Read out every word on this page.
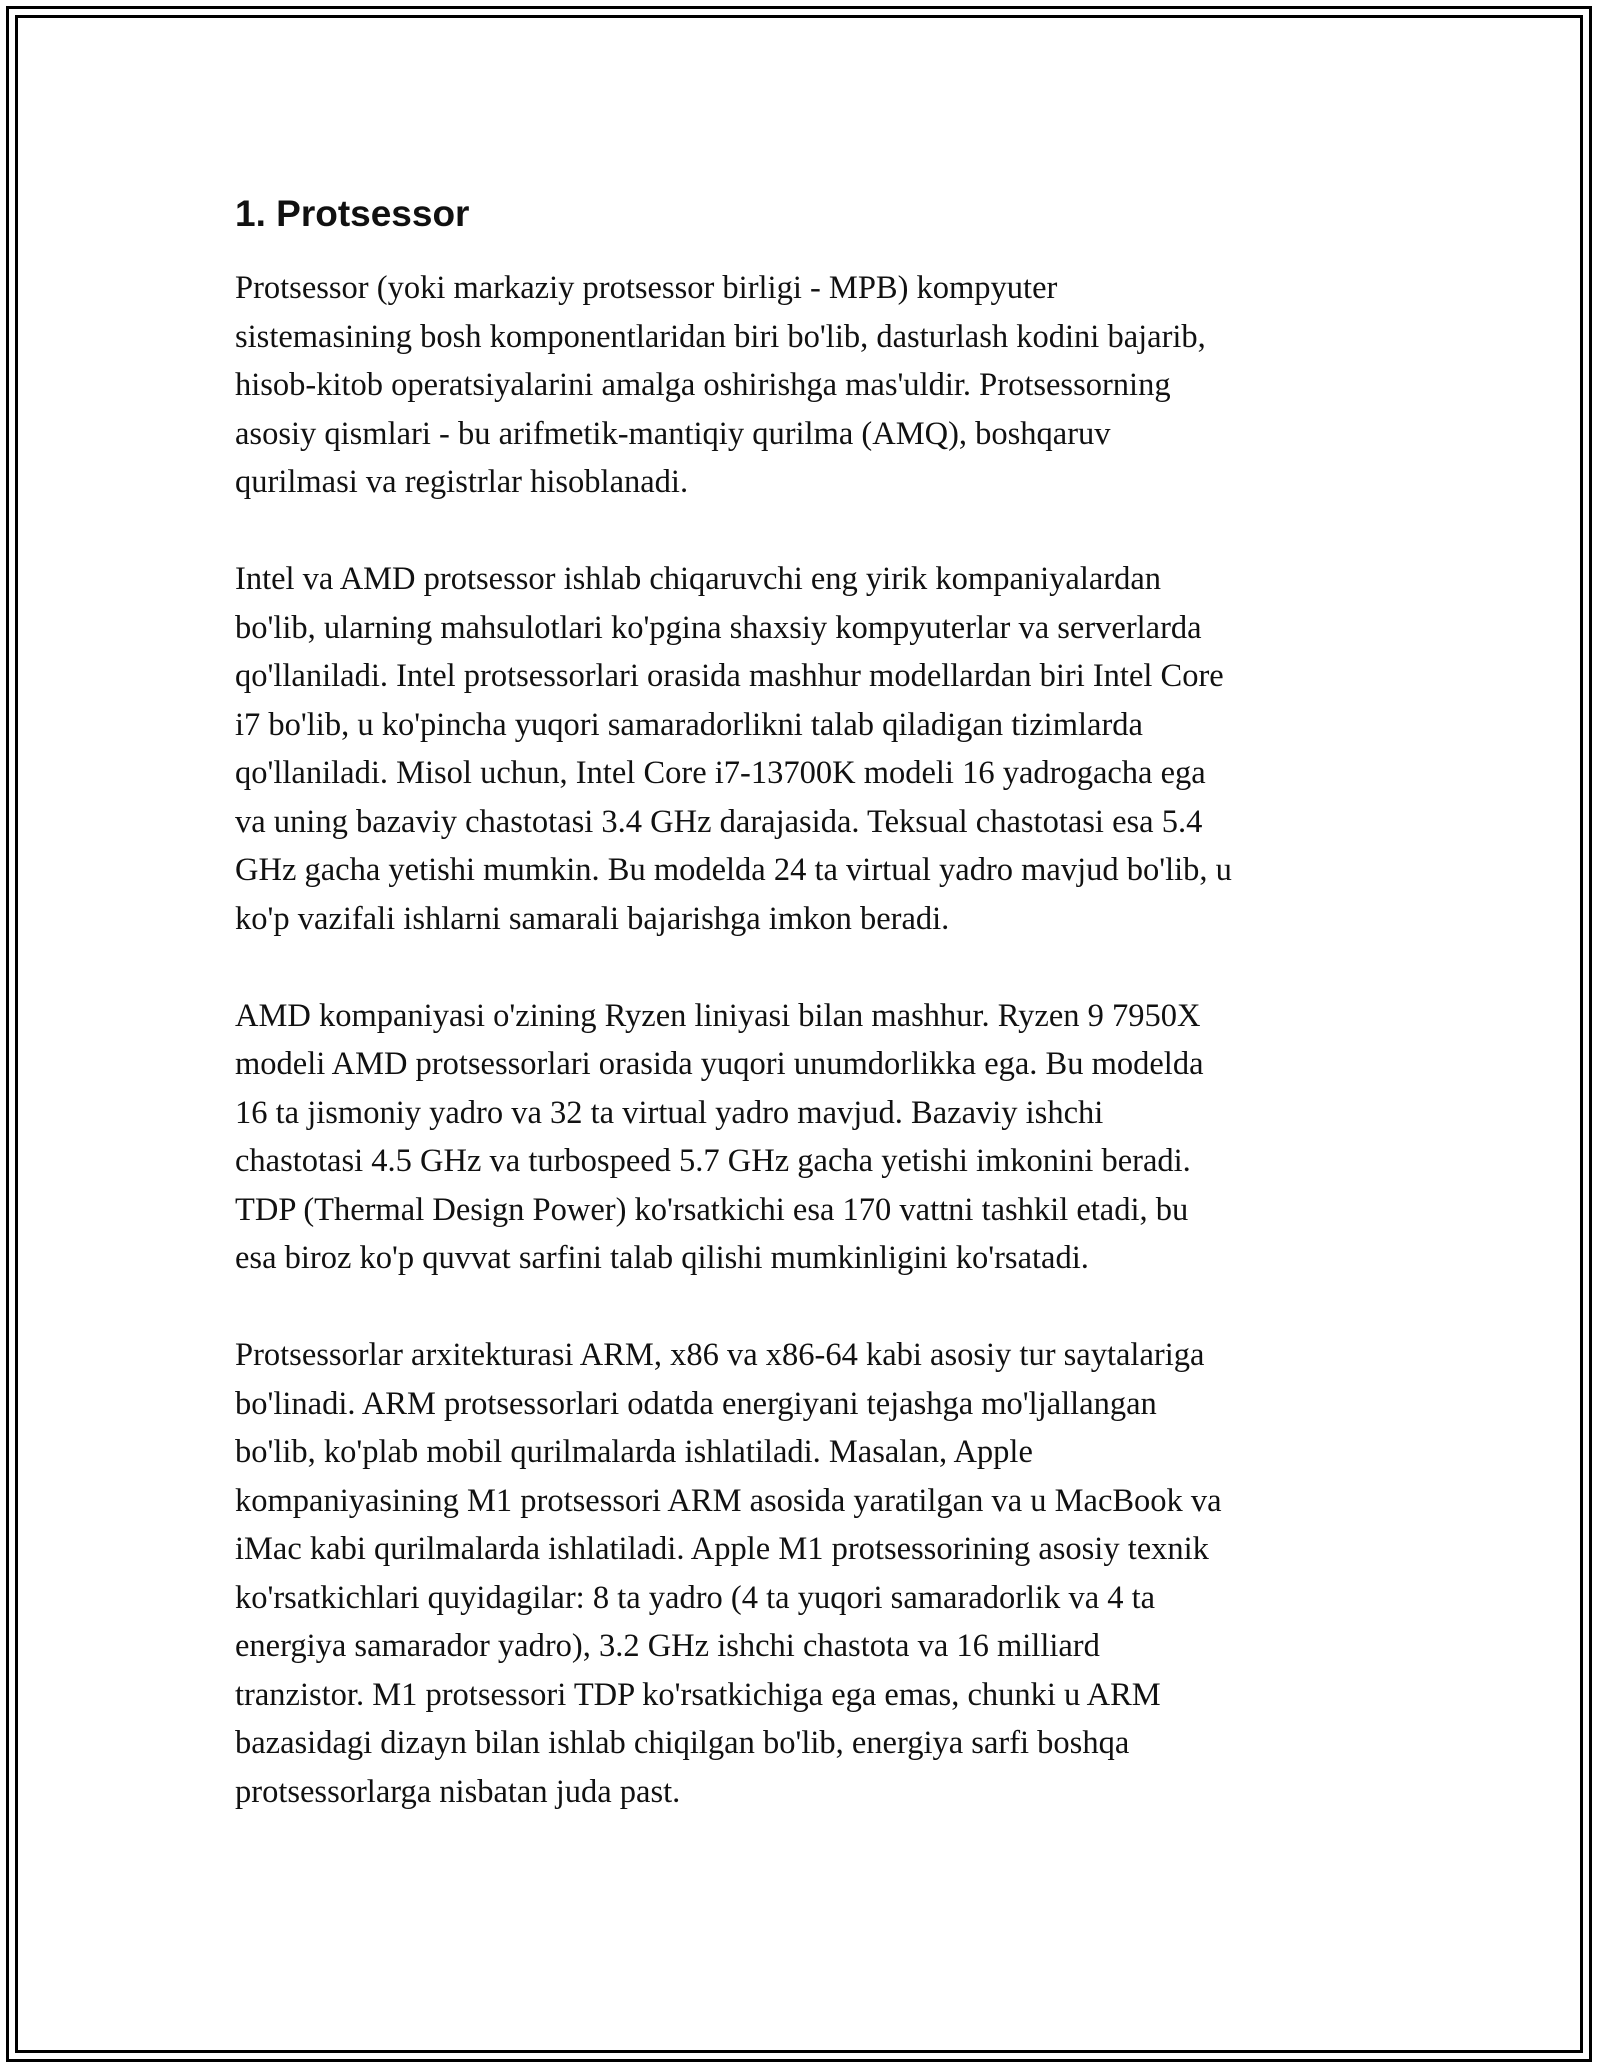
1. Protsessor

Protsessor (yoki markaziy protsessor birligi - MPB) kompyuter
sistemasining bosh komponentlaridan biri bo'lib, dasturlash kodini bajarib,
hisob-kitob operatsiyalarini amalga oshirishga mas'uldir. Protsessorning
asosiy qismlari - bu arifmetik-mantiqiy qurilma (AMQ), boshqaruv
qurilmasi va registrlar hisoblanadi.

Intel va AMD protsessor ishlab chiqaruvchi eng yirik kompaniyalardan
bo'lib, ularning mahsulotlari ko'pgina shaxsiy kompyuterlar va serverlarda
qo'llaniladi. Intel protsessorlari orasida mashhur modellardan biri Intel Core
i7 bo'lib, u ko'pincha yuqori samaradorlikni talab qiladigan tizimlarda
qo'llaniladi. Misol uchun, Intel Core i7-13700K modeli 16 yadrogacha ega
va uning bazaviy chastotasi 3.4 GHz darajasida. Teksual chastotasi esa 5.4
GHz gacha yetishi mumkin. Bu modelda 24 ta virtual yadro mavjud bo'lib, u
ko'p vazifali ishlarni samarali bajarishga imkon beradi.

AMD kompaniyasi o'zining Ryzen liniyasi bilan mashhur. Ryzen 9 7950X
modeli AMD protsessorlari orasida yuqori unumdorlikka ega. Bu modelda
16 ta jismoniy yadro va 32 ta virtual yadro mavjud. Bazaviy ishchi
chastotasi 4.5 GHz va turbospeed 5.7 GHz gacha yetishi imkonini beradi.
TDP (Thermal Design Power) ko'rsatkichi esa 170 vattni tashkil etadi, bu
esa biroz ko'p quvvat sarfini talab qilishi mumkinligini ko'rsatadi.

Protsessorlar arxitekturasi ARM, x86 va x86-64 kabi asosiy tur saytalariga
bo'linadi. ARM protsessorlari odatda energiyani tejashga mo'ljallangan
bo'lib, ko'plab mobil qurilmalarda ishlatiladi. Masalan, Apple
kompaniyasining M1 protsessori ARM asosida yaratilgan va u MacBook va
iMac kabi qurilmalarda ishlatiladi. Apple M1 protsessorining asosiy texnik
ko'rsatkichlari quyidagilar: 8 ta yadro (4 ta yuqori samaradorlik va 4 ta
energiya samarador yadro), 3.2 GHz ishchi chastota va 16 milliard
tranzistor. M1 protsessori TDP ko'rsatkichiga ega emas, chunki u ARM
bazasidagi dizayn bilan ishlab chiqilgan bo'lib, energiya sarfi boshqa
protsessorlarga nisbatan juda past.
